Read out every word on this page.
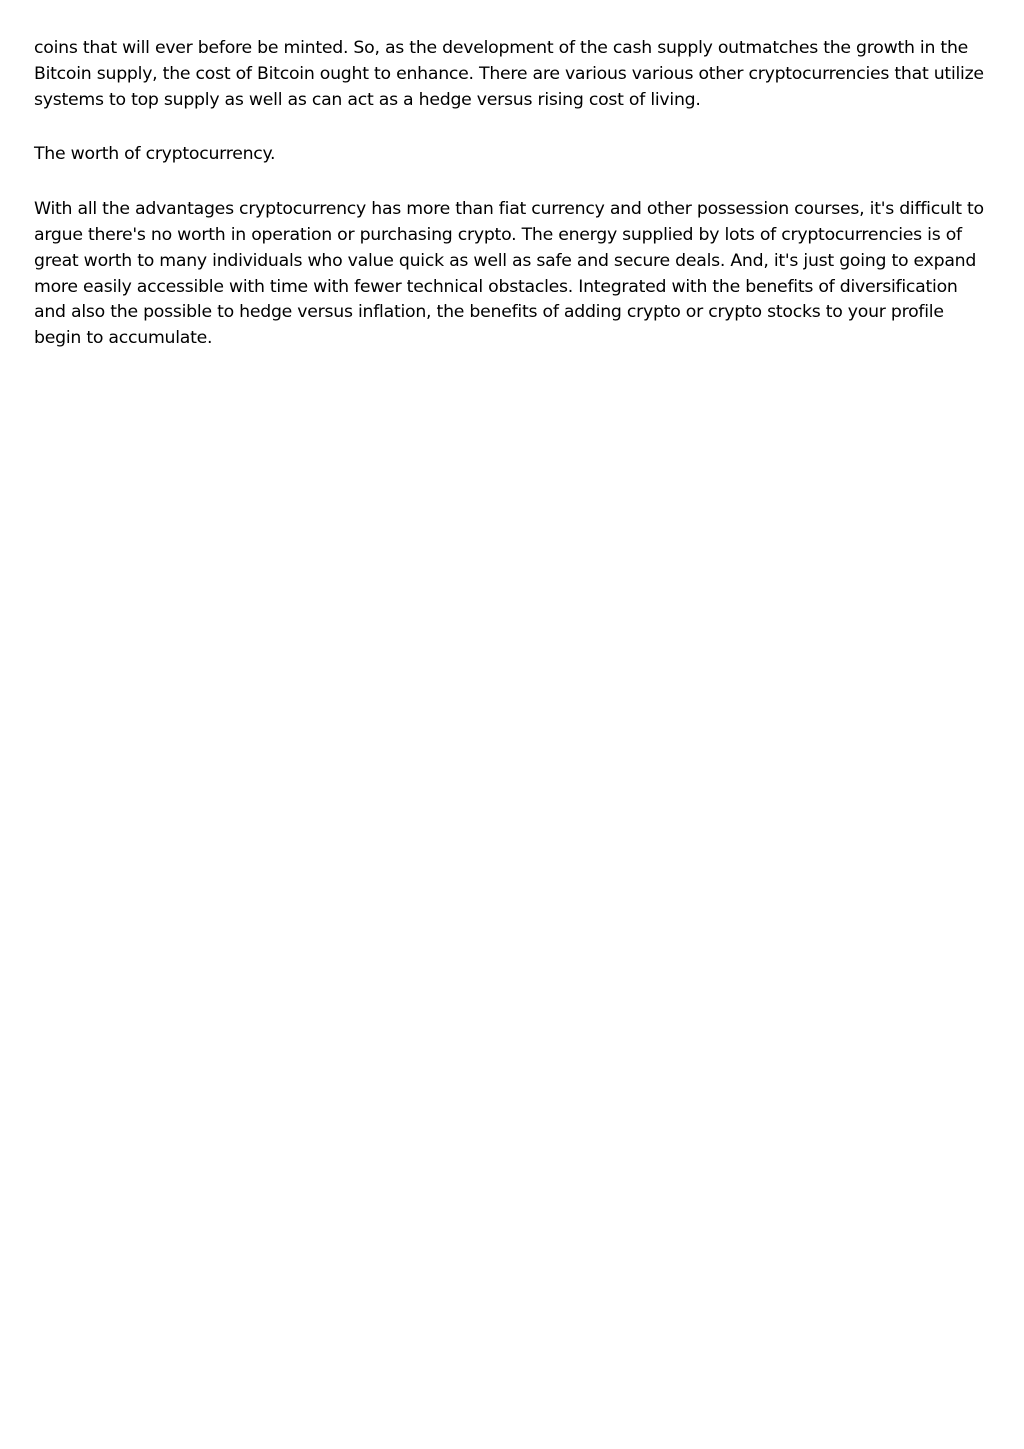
coins that will ever before be minted. So, as the development of the cash supply outmatches the growth in the Bitcoin supply, the cost of Bitcoin ought to enhance. There are various various other cryptocurrencies that utilize systems to top supply as well as can act as a hedge versus rising cost of living.

The worth of cryptocurrency.

With all the advantages cryptocurrency has more than fiat currency and other possession courses, it's difficult to argue there's no worth in operation or purchasing crypto. The energy supplied by lots of cryptocurrencies is of great worth to many individuals who value quick as well as safe and secure deals. And, it's just going to expand more easily accessible with time with fewer technical obstacles. Integrated with the benefits of diversification and also the possible to hedge versus inflation, the benefits of adding crypto or crypto stocks to your profile begin to accumulate.
